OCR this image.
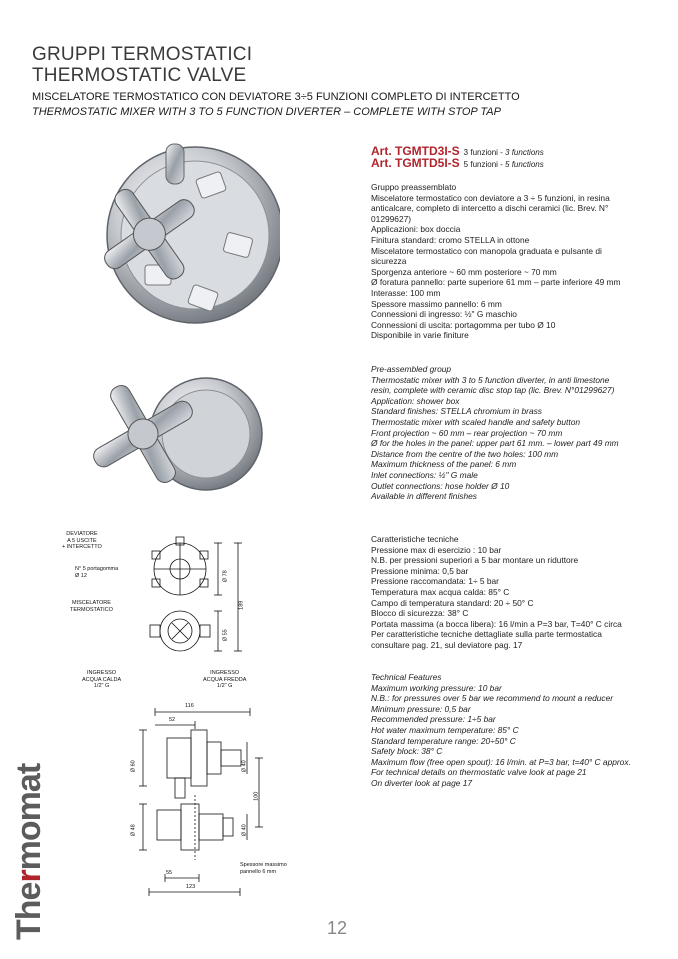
GRUPPI TERMOSTATICI
THERMOSTATIC VALVE
MISCELATORE TERMOSTATICO CON DEVIATORE 3÷5 FUNZIONI COMPLETO DI INTERCETTO
THERMOSTATIC MIXER WITH 3 TO 5 FUNCTION DIVERTER – COMPLETE WITH STOP TAP
DEVIATORE
A 5 USCITE
+ INTERCETTO
N° 5 portagomma
Ø 12
MISCELATORE
TERMOSTATICO
INGRESSO
ACQUA CALDA
1/2" G
INGRESSO
ACQUA FREDDA
1/2" G
Ø 78
Ø 55
189
116
52
Ø 60	Ø 40
100
Ø 48	Ø 40
55
123
Spessore massimo
pannello 6 mm
Art. TGMTD3I-S 3 funzioni - 3 functions
Art. TGMTD5I-S 5 funzioni - 5 functions
Gruppo preassemblato
Miscelatore termostatico con deviatore a 3 ÷ 5 funzioni, in resina
anticalcare, completo di intercetto a dischi ceramici (lic. Brev. N°
01299627)
Applicazioni: box doccia
Finitura standard: cromo STELLA in ottone
Miscelatore termostatico con manopola graduata e pulsante di
sicurezza
Sporgenza anteriore ~ 60 mm posteriore ~ 70 mm
Ø foratura pannello: parte superiore 61 mm – parte inferiore 49 mm
Interasse: 100 mm
Spessore massimo pannello: 6 mm
Connessioni di ingresso: ½" G maschio
Connessioni di uscita: portagomma per tubo Ø 10
Disponibile in varie finiture
Pre-assembled group
Thermostatic mixer with 3 to 5 function diverter, in anti limestone
resin, complete with ceramic disc stop tap (lic. Brev. N°01299627)
Application: shower box
Standard finishes: STELLA chromium in brass
Thermostatic mixer with scaled handle and safety button
Front projection ~ 60 mm – rear projection ~ 70 mm
Ø for the holes in the panel: upper part 61 mm. – lower part 49 mm
Distance from the centre of the two holes: 100 mm
Maximum thickness of the panel: 6 mm
Inlet connections: ½" G male
Outlet connections: hose holder Ø 10
Available in different finishes
Caratteristiche tecniche
Pressione max di esercizio : 10 bar
N.B. per pressioni superiori a 5 bar montare un riduttore
Pressione minima: 0,5 bar
Pressione raccomandata: 1÷ 5 bar
Temperatura max acqua calda: 85° C
Campo di temperatura standard: 20 ÷ 50° C
Blocco di sicurezza: 38° C
Portata massima (a bocca libera): 16 l/min a P=3 bar, T=40° C circa
Per caratteristiche tecniche dettagliate sulla parte termostatica
consultare pag. 21, sul deviatore pag. 17
Technical Features
Maximum working pressure: 10 bar
N.B.: for pressures over 5 bar we recommend to mount a reducer
Minimum pressure: 0,5 bar
Recommended pressure: 1÷5 bar
Hot water maximum temperature: 85° C
Standard temperature range: 20÷50° C
Safety block: 38° C
Maximum flow (free open spout): 16 l/min. at P=3 bar, t=40° C approx.
For technical details on thermostatic valve look at page 21
On diverter look at page 17
Thermomat
12
